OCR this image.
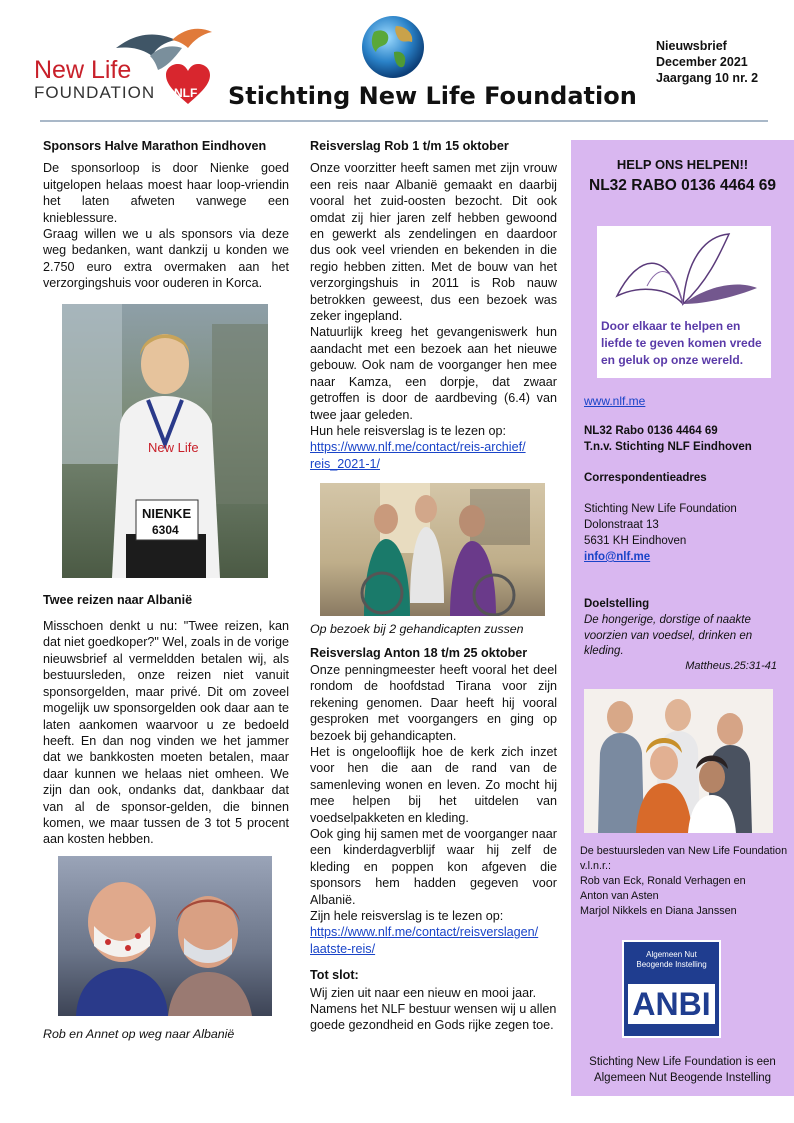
New Life
FOUNDATION NLF Stichting New Life Foundation
Nieuwsbrief
December 2021
Jaargang 10 nr. 2
Sponsors Halve Marathon Eindhoven

De sponsorloop is door Nienke goed uitgelopen helaas moest haar loop-vriendin het laten afweten vanwege een knieblessure.

Graag willen we u als sponsors via deze weg bedanken, want dankzij u konden we 2.750 euro extra overmaken aan het verzorgingshuis voor ouderen in Korca.

New Life
NIENKE
6304
Twee reizen naar Albanië

Misschoen denkt u nu: "Twee reizen, kan dat niet goedkoper?" Wel, zoals in de vorige nieuwsbrief al vermeldden betalen wij, als bestuursleden, onze reizen niet vanuit sponsorgelden, maar privé. Dit om zoveel mogelijk uw sponsorgelden ook daar aan te laten aankomen waarvoor u ze bedoeld heeft. En dan nog vinden we het jammer dat we bankkosten moeten betalen, maar daar kunnen we helaas niet omheen. We zijn dan ook, ondanks dat, dankbaar dat van al de sponsor-gelden, die binnen komen, we maar tussen de 3 tot 5 procent aan kosten hebben.

Rob en Annet op weg naar Albanië
Reisverslag Rob 1 t/m 15 oktober

Onze voorzitter heeft samen met zijn vrouw een reis naar Albanië gemaakt en daarbij vooral het zuid-oosten bezocht. Dit ook omdat zij hier jaren zelf hebben gewoond en gewerkt als zendelingen en daardoor dus ook veel vrienden en bekenden in die regio hebben zitten. Met de bouw van het verzorgingshuis in 2011 is Rob nauw betrokken geweest, dus een bezoek was zeker ingepland.

Natuurlijk kreeg het gevangeniswerk hun aandacht met een bezoek aan het nieuwe gebouw. Ook nam de voorganger hen mee naar Kamza, een dorpje, dat zwaar getroffen is door de aardbeving (6.4) van twee jaar geleden.

Hun hele reisverslag is te lezen op:

https://www.nlf.me/contact/reis-archief/
reis_2021-1/
Op bezoek bij 2 gehandicapten zussen
Reisverslag Anton 18 t/m 25 oktober

Onze penningmeester heeft vooral het deel rondom de hoofdstad Tirana voor zijn rekening genomen. Daar heeft hij vooral gesproken met voorgangers en ging op bezoek bij gehandicapten.

Het is ongelooflijk hoe de kerk zich inzet voor hen die aan de rand van de samenleving wonen en leven. Zo mocht hij mee helpen bij het uitdelen van voedselpakketen en kleding.

Ook ging hij samen met de voorganger naar een kinderdagverblijf waar hij zelf de kleding en poppen kon afgeven die sponsors hem hadden gegeven voor Albanië.

Zijn hele reisverslag is te lezen op:

https://www.nlf.me/contact/reisverslagen/
laatste-reis/
Tot slot:

Wij zien uit naar een nieuw en mooi jaar. Namens het NLF bestuur wensen wij u allen goede gezondheid en Gods rijke zegen toe.

HELP ONS HELPEN!!
NL32 RABO 0136 4464 69
Door elkaar te helpen en
liefde te geven komen vrede
en geluk op onze wereld.
www.nlf.me
NL32 Rabo 0136 4464 69
T.n.v. Stichting NLF Eindhoven
Correspondentieadres
Stichting New Life Foundation
Dolonstraat 13
5631 KH Eindhoven
info@nlf.me
Doelstelling
De hongerige, dorstige of naakte voorzien van voedsel, drinken en kleding.
Mattheus.25:31-41
De bestuursleden van New Life Foundation
v.l.n.r.:
Rob van Eck, Ronald Verhagen en
Anton van Asten
Marjol Nikkels en Diana Janssen
Algemeen Nut
Beogende Instelling
ANBI
Stichting New Life Foundation is een
Algemeen Nut Beogende Instelling
